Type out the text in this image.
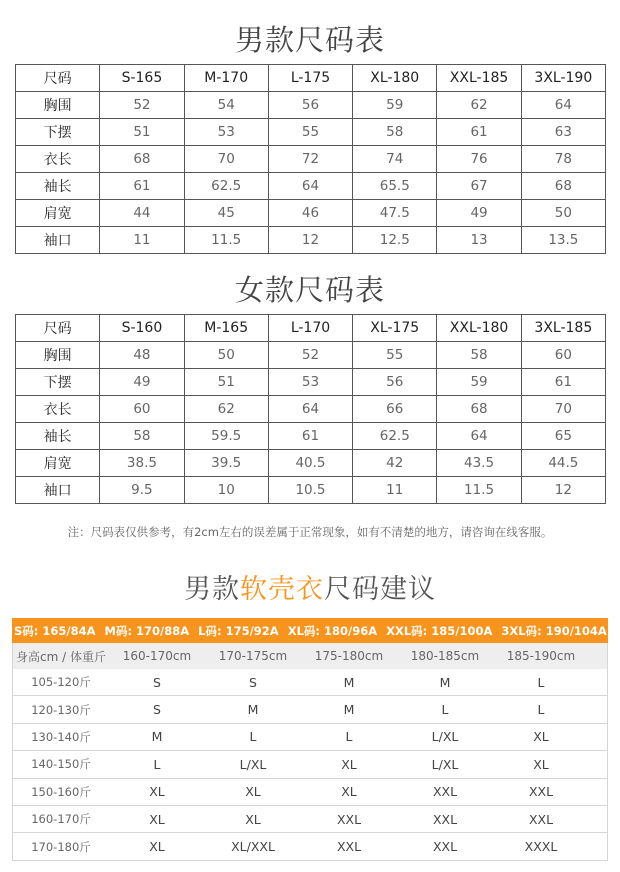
男款尺码表
尺码	S-165	M-170	L-175	XL-180	XXL-185	3XL-190
胸围	52	54	56	59	62	64
下摆	51	53	55	58	61	63
衣长	68	70	72	74	76	78
袖长	61	62.5	64	65.5	67	68
肩宽	44	45	46	47.5	49	50
袖口	11	11.5	12	12.5	13	13.5
女款尺码表
尺码	S-160	M-165	L-170	XL-175	XXL-180	3XL-185
胸围	48	50	52	55	58	60
下摆	49	51	53	56	59	61
衣长	60	62	64	66	68	70
袖长	58	59.5	61	62.5	64	65
肩宽	38.5	39.5	40.5	42	43.5	44.5
袖口	9.5	10	10.5	11	11.5	12
注：尺码表仅供参考，有2cm左右的误差属于正常现象，如有不清楚的地方，请咨询在线客服。
男款软壳衣尺码建议
S码: 165/84A M码: 170/88A L码: 175/92A XL码: 180/96A XXL码: 185/100A 3XL码: 190/104A
身高cm / 体重斤	160-170cm	170-175cm	175-180cm	180-185cm	185-190cm
105-120斤	S	S	M	M	L
120-130斤	S	M	M	L	L
130-140斤	M	L	L	L/XL	XL
140-150斤	L	L/XL	XL	L/XL	XL
150-160斤	XL	XL	XL	XXL	XXL
160-170斤	XL	XL	XXL	XXL	XXL
170-180斤	XL	XL/XXL	XXL	XXL	XXXL
